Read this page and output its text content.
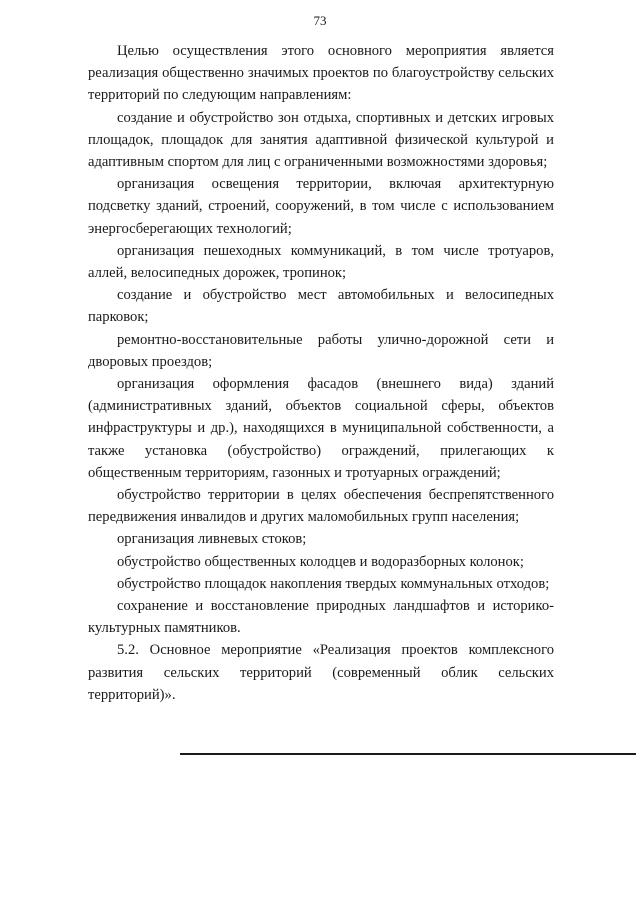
73

Целью осуществления этого основного мероприятия является реализация общественно значимых проектов по благоустройству сельских территорий по следующим направлениям:

создание и обустройство зон отдыха, спортивных и детских игровых площадок, площадок для занятия адаптивной физической культурой и адаптивным спортом для лиц с ограниченными возможностями здоровья;

организация освещения территории, включая архитектурную подсветку зданий, строений, сооружений, в том числе с использованием энергосберегающих технологий;

организация пешеходных коммуникаций, в том числе тротуаров, аллей, велосипедных дорожек, тропинок;

создание и обустройство мест автомобильных и велосипедных парковок;

ремонтно-восстановительные работы улично-дорожной сети и дворовых проездов;

организация оформления фасадов (внешнего вида) зданий (административных зданий, объектов социальной сферы, объектов инфраструктуры и др.), находящихся в муниципальной собственности, а также установка (обустройство) ограждений, прилегающих к общественным территориям, газонных и тротуарных ограждений;

обустройство территории в целях обеспечения беспрепятственного передвижения инвалидов и других маломобильных групп населения;

организация ливневых стоков;

обустройство общественных колодцев и водоразборных колонок;

обустройство площадок накопления твердых коммунальных отходов;

сохранение и восстановление природных ландшафтов и историко-культурных памятников.

5.2. Основное мероприятие «Реализация проектов комплексного развития сельских территорий (современный облик сельских территорий)».
